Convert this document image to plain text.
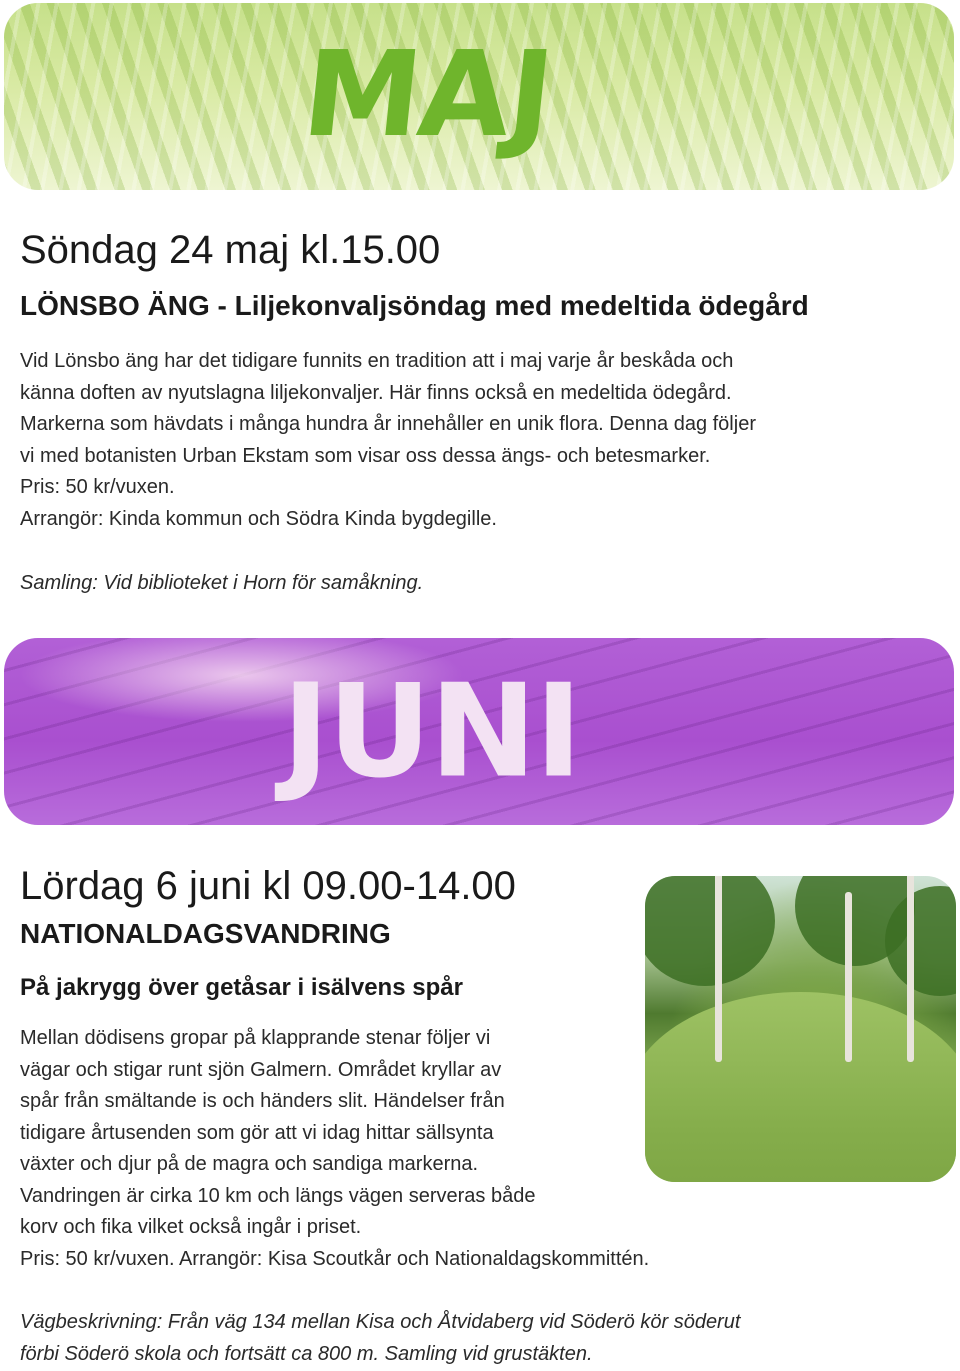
MAJ
Söndag 24 maj kl.15.00
LÖNSBO ÄNG - Liljekonvaljsöndag med medeltida ödegård
Vid Lönsbo äng har det tidigare funnits en tradition att i maj varje år beskåda och
känna doften av nyutslagna liljekonvaljer. Här finns också en medeltida ödegård.
Markerna som hävdats i många hundra år innehåller en unik flora. Denna dag följer
vi med botanisten Urban Ekstam som visar oss dessa ängs- och betesmarker.
Pris: 50 kr/vuxen.
Arrangör: Kinda kommun och Södra Kinda bygdegille.

Samling: Vid biblioteket i Horn för samåkning.

JUNI
Lördag 6 juni kl 09.00-14.00
NATIONALDAGSVANDRING
På jakrygg över getåsar i isälvens spår
Mellan dödisens gropar på klapprande stenar följer vi
vägar och stigar runt sjön Galmern. Området kryllar av
spår från smältande is och händers slit. Händelser från
tidigare årtusenden som gör att vi idag hittar sällsynta
växter och djur på de magra och sandiga markerna.
Vandringen är cirka 10 km och längs vägen serveras både
korv och fika vilket också ingår i priset.
Pris: 50 kr/vuxen. Arrangör: Kisa Scoutkår och Nationaldagskommittén.
Vägbeskrivning: Från väg 134 mellan Kisa och Åtvidaberg vid Söderö kör söderut
förbi Söderö skola och fortsätt ca 800 m. Samling vid grustäkten.
